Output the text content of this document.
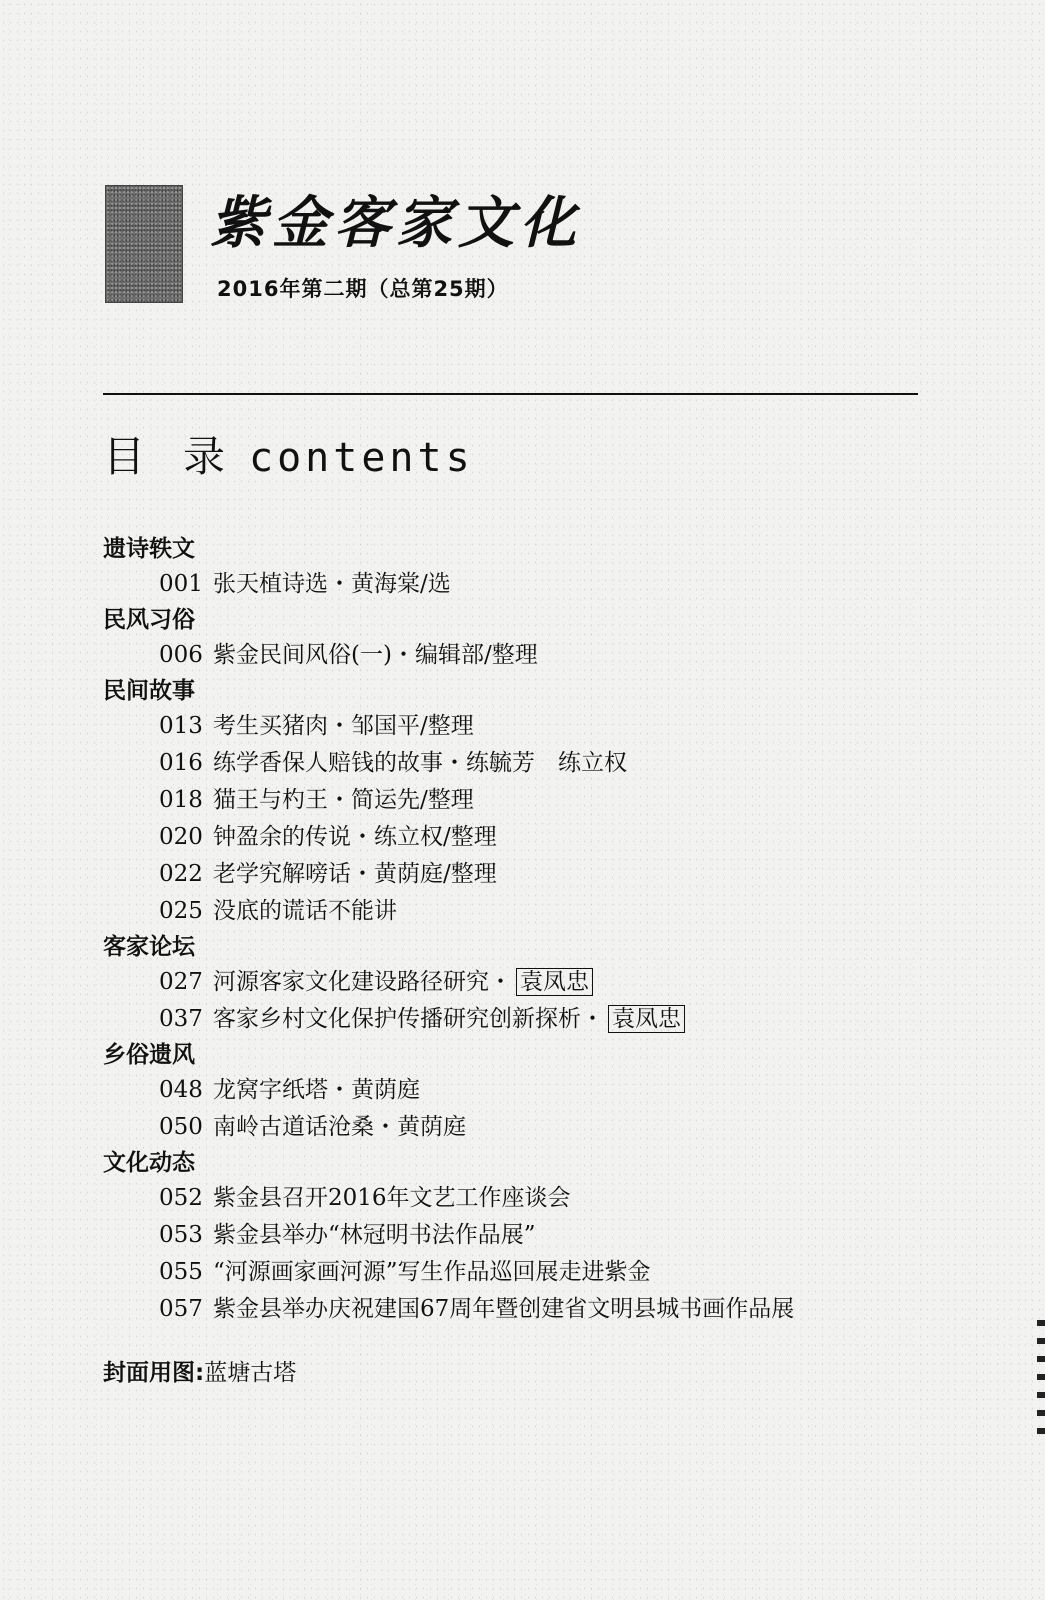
紫金客家文化
2016年第二期（总第25期）
目录contents
遗诗轶文
001 张天植诗选・黄海棠/选
民风习俗
006 紫金民间风俗(一)・编辑部/整理
民间故事
013 考生买猪肉・邹国平/整理
016 练学香保人赔钱的故事・练毓芳　练立权
018 猫王与杓王・简运先/整理
020 钟盈余的传说・练立权/整理
022 老学究解嗙话・黄荫庭/整理
025 没底的谎话不能讲
客家论坛
027 河源客家文化建设路径研究・ 袁凤忠
037 客家乡村文化保护传播研究创新探析・ 袁凤忠
乡俗遗风
048 龙窝字纸塔・黄荫庭
050 南岭古道话沧桑・黄荫庭
文化动态
052 紫金县召开2016年文艺工作座谈会
053 紫金县举办“林冠明书法作品展”
055 “河源画家画河源”写生作品巡回展走进紫金
057 紫金县举办庆祝建国67周年暨创建省文明县城书画作品展
封面用图:蓝塘古塔
